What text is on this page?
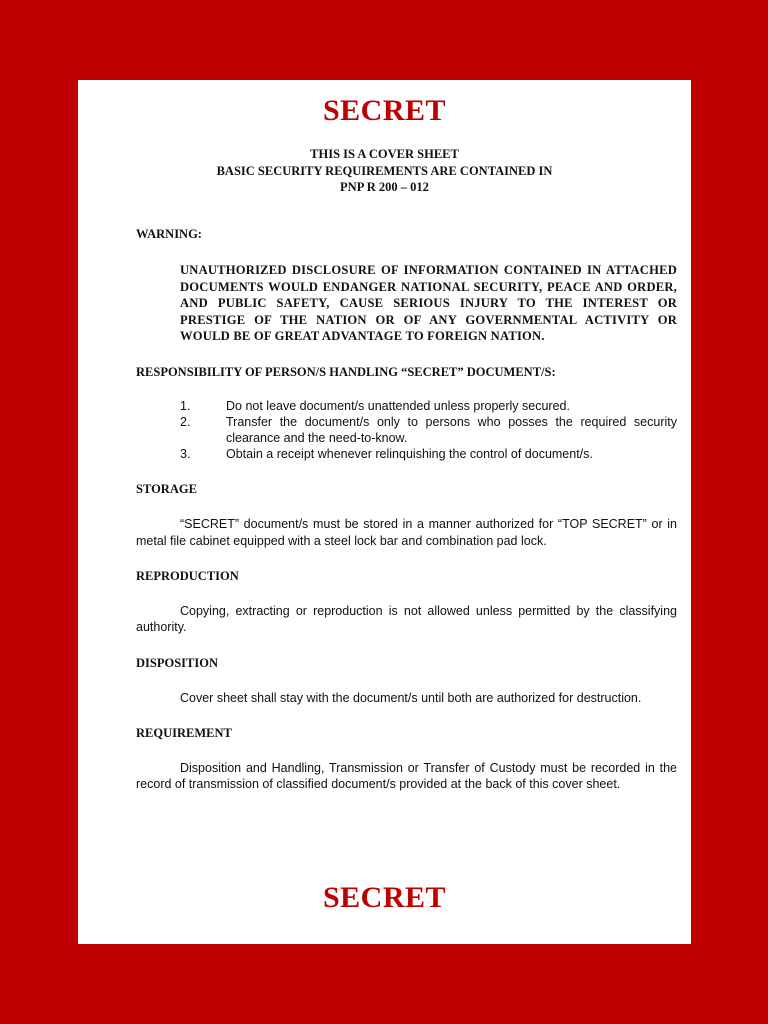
SECRET
THIS IS A COVER SHEET
BASIC SECURITY REQUIREMENTS ARE CONTAINED IN
PNP R 200 – 012

WARNING:

UNAUTHORIZED DISCLOSURE OF INFORMATION CONTAINED IN ATTACHED DOCUMENTS WOULD ENDANGER NATIONAL SECURITY, PEACE AND ORDER, AND PUBLIC SAFETY, CAUSE SERIOUS INJURY TO THE INTEREST OR PRESTIGE OF THE NATION OR OF ANY GOVERNMENTAL ACTIVITY OR WOULD BE OF GREAT ADVANTAGE TO FOREIGN NATION.

RESPONSIBILITY OF PERSON/S HANDLING “SECRET” DOCUMENT/S:

1.	Do not leave document/s unattended unless properly secured.
2.	Transfer the document/s only to persons who posses the required security clearance and the need-to-know.
3.	Obtain a receipt whenever relinquishing the control of document/s.

STORAGE

“SECRET” document/s must be stored in a manner authorized for “TOP SECRET” or in metal file cabinet equipped with a steel lock bar and combination pad lock.

REPRODUCTION

Copying, extracting or reproduction is not allowed unless permitted by the classifying authority.

DISPOSITION

Cover sheet shall stay with the document/s until both are authorized for destruction.

REQUIREMENT

Disposition and Handling, Transmission or Transfer of Custody must be recorded in the record of transmission of classified document/s provided at the back of this cover sheet.

SECRET
